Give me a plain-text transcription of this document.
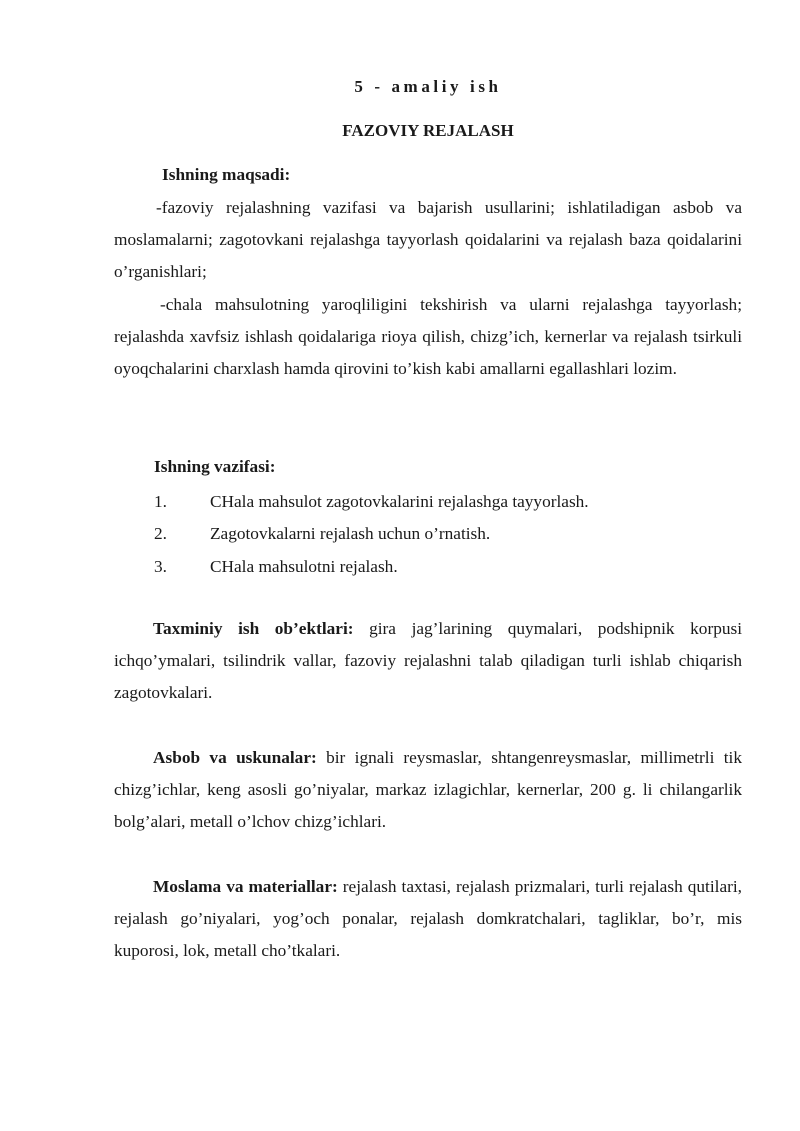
5 - amaliy ish
FAZOVIY REJALASH
Ishning maqsadi:
-fazoviy rejalashning vazifasi va bajarish usullarini; ishlatiladigan asbob va moslamalarni; zagotovkani rejalashga tayyorlash qoidalarini va rejalash baza qoidalarini o’rganishlari;
-chala mahsulotning yaroqliligini tekshirish va ularni rejalashga tayyorlash; rejalashda xavfsiz ishlash qoidalariga rioya qilish, chizg’ich, kernerlar va rejalash tsirkuli oyoqchalarini charxlash hamda qirovini to’kish kabi amallarni egallashlari lozim.
Ishning vazifasi:
1. CHala mahsulot zagotovkalarini rejalashga tayyorlash.
2. Zagotovkalarni rejalash uchun o’rnatish.
3. CHala mahsulotni rejalash.
Taxminiy ish ob’ektlari: gira jag’larining quymalari, podshipnik korpusi ichqo’ymalari, tsilindrik vallar, fazoviy rejalashni talab qiladigan turli ishlab chiqarish zagotovkalari.
Asbob va uskunalar: bir ignali reysmaslar, shtangenreysmaslar, millimetrli tik chizg’ichlar, keng asosli go’niyalar, markaz izlagichlar, kernerlar, 200 g. li chilangarlik bolg’alari, metall o’lchov chizg’ichlari.
Moslama va materiallar: rejalash taxtasi, rejalash prizmalari, turli rejalash qutilari, rejalash go’niyalari, yog’och ponalar, rejalash domkratchalari, tagliklar, bo’r, mis kuporosi, lok, metall cho’tkalari.
